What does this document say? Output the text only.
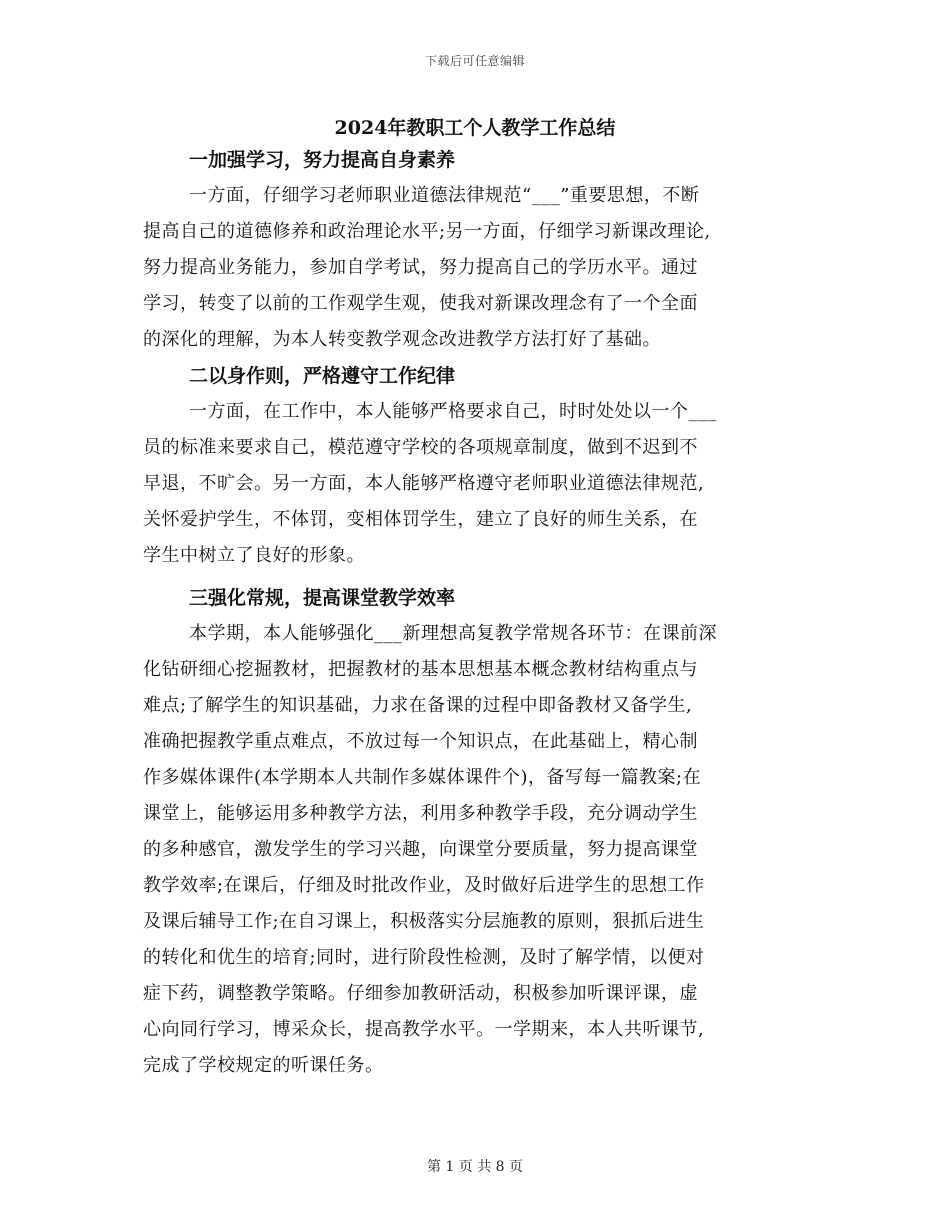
下载后可任意编辑
2024年教职工个人教学工作总结
一加强学习，努力提高自身素养
一方面，仔细学习老师职业道德法律规范“___”重要思想，不断
提高自己的道德修养和政治理论水平;另一方面，仔细学习新课改理论,
努力提高业务能力，参加自学考试，努力提高自己的学历水平。通过
学习，转变了以前的工作观学生观，使我对新课改理念有了一个全面
的深化的理解，为本人转变教学观念改进教学方法打好了基础。
二以身作则，严格遵守工作纪律
一方面，在工作中，本人能够严格要求自己，时时处处以一个___
员的标准来要求自己，模范遵守学校的各项规章制度，做到不迟到不
早退，不旷会。另一方面，本人能够严格遵守老师职业道德法律规范,
关怀爱护学生，不体罚，变相体罚学生，建立了良好的师生关系，在
学生中树立了良好的形象。
三强化常规，提高课堂教学效率
本学期，本人能够强化___新理想高复教学常规各环节：在课前深
化钻研细心挖掘教材，把握教材的基本思想基本概念教材结构重点与
难点;了解学生的知识基础，力求在备课的过程中即备教材又备学生,
准确把握教学重点难点，不放过每一个知识点，在此基础上，精心制
作多媒体课件(本学期本人共制作多媒体课件个)，备写每一篇教案;在
课堂上，能够运用多种教学方法，利用多种教学手段，充分调动学生
的多种感官，激发学生的学习兴趣，向课堂分要质量，努力提高课堂
教学效率;在课后，仔细及时批改作业，及时做好后进学生的思想工作
及课后辅导工作;在自习课上，积极落实分层施教的原则，狠抓后进生
的转化和优生的培育;同时，进行阶段性检测，及时了解学情，以便对
症下药，调整教学策略。仔细参加教研活动，积极参加听课评课，虚
心向同行学习，博采众长，提高教学水平。一学期来，本人共听课节,
完成了学校规定的听课任务。
第 1 页 共 8 页
